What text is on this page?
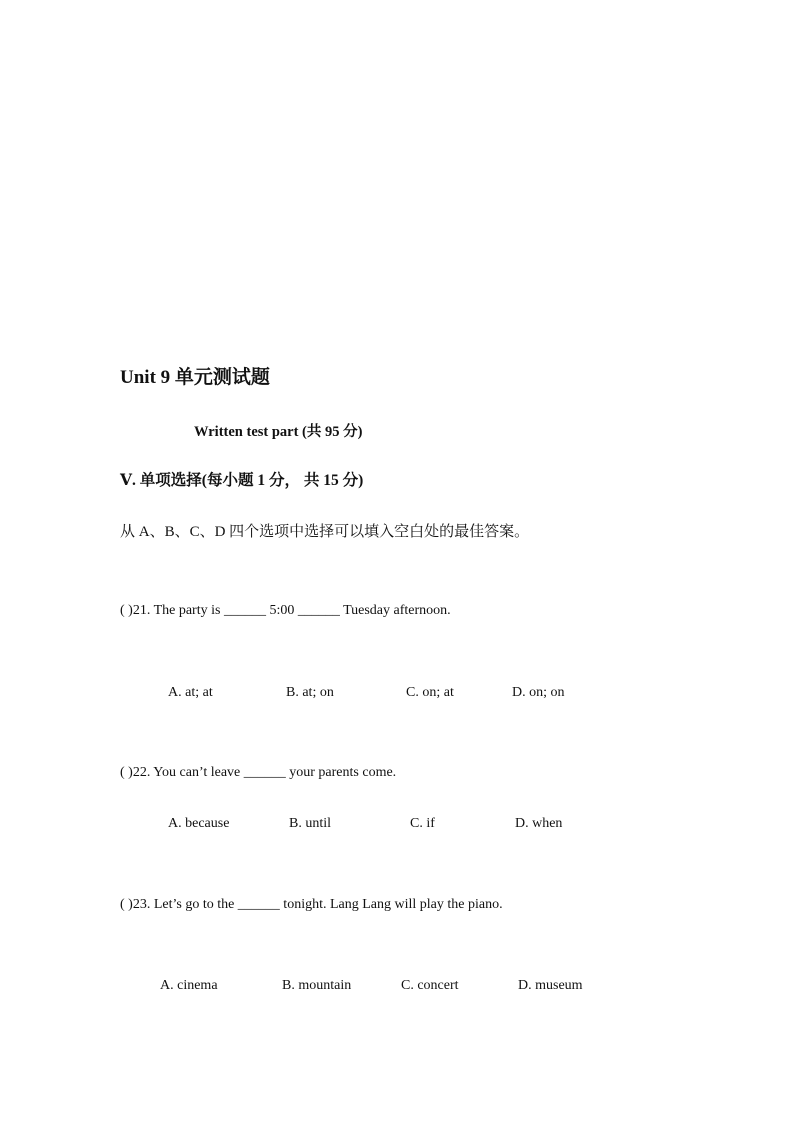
Unit 9 单元测试题
Written test part (共 95 分)
Ⅴ. 单项选择(每小题 1 分， 共 15 分)
从 A、B、C、D 四个选项中选择可以填入空白处的最佳答案。
( )21. The party is ______ 5:00 ______ Tuesday afternoon.
A. at; at	B. at; on	C. on; at	D. on; on
( )22. You can’t leave ______ your parents come.
A. because	B. until	C. if	D. when
( )23. Let’s go to the ______ tonight. Lang Lang will play the piano.
A. cinema	B. mountain	C. concert	D. museum
